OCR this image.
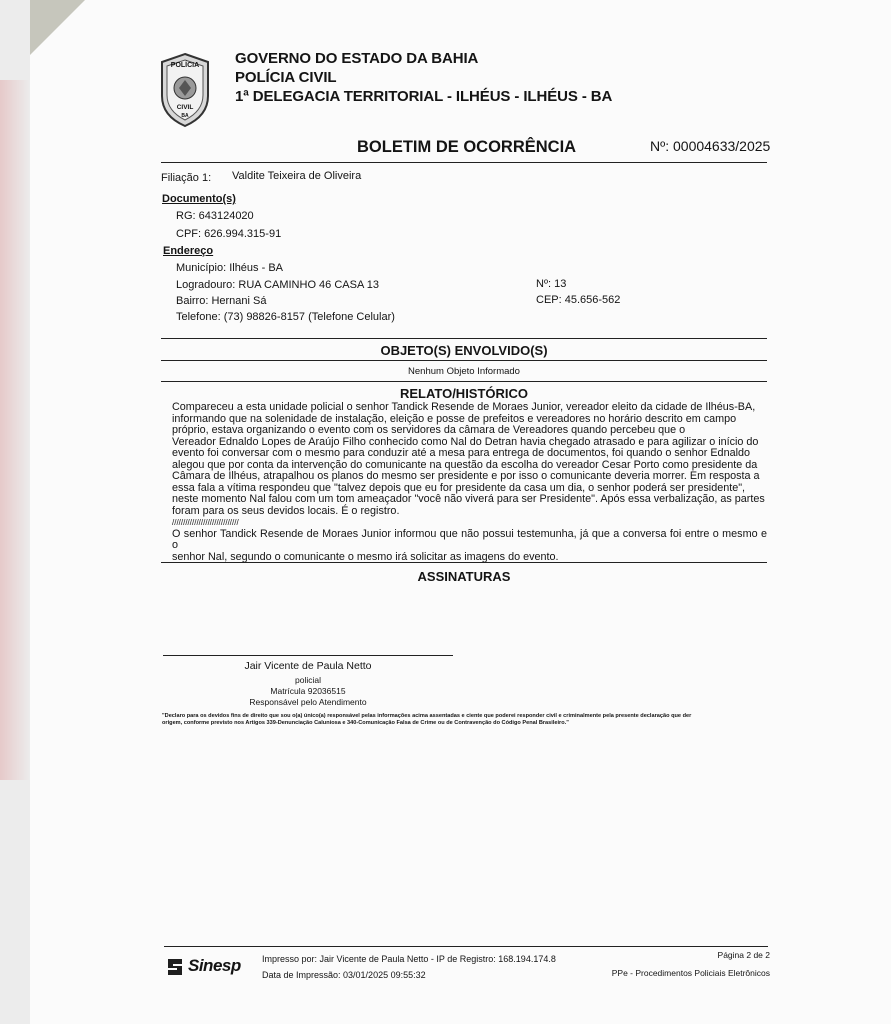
POLÍCIA
CIVIL
BA
GOVERNO DO ESTADO DA BAHIA
POLÍCIA CIVIL
1ª DELEGACIA TERRITORIAL - ILHÉUS - ILHÉUS - BA
BOLETIM DE OCORRÊNCIA	Nº: 00004633/2025
Filiação 1: Valdite Teixeira de Oliveira
Documento(s)
RG: 643124020
CPF: 626.994.315-91
Endereço
Município: Ilhéus - BA
Logradouro: RUA CAMINHO 46 CASA 13	Nº: 13
Bairro: Hernani Sá	CEP: 45.656-562
Telefone: (73) 98826-8157 (Telefone Celular)
OBJETO(S) ENVOLVIDO(S)
Nenhum Objeto Informado
RELATO/HISTÓRICO
Compareceu a esta unidade policial o senhor Tandick Resende de Moraes Junior, vereador eleito da cidade de Ilhéus-BA,
informando que na solenidade de instalação, eleição e posse de prefeitos e vereadores no horário descrito em campo
próprio, estava organizando o evento com os servidores da câmara de Vereadores quando percebeu que o
Vereador Ednaldo Lopes de Araújo Filho conhecido como Nal do Detran havia chegado atrasado e para agilizar o início do
evento foi conversar com o mesmo para conduzir até a mesa para entrega de documentos, foi quando o senhor Ednaldo
alegou que por conta da intervenção do comunicante na questão da escolha do vereador Cesar Porto como presidente da
Câmara de Ilhéus, atrapalhou os planos do mesmo ser presidente e por isso o comunicante deveria morrer. Em resposta a
essa fala a vítima respondeu que "talvez depois que eu for presidente da casa um dia, o senhor poderá ser presidente",
neste momento Nal falou com um tom ameaçador "você não viverá para ser Presidente". Após essa verbalização, as partes
foram para os seus devidos locais. É o registro.
//////////////////////////////
O senhor Tandick Resende de Moraes Junior informou que não possui testemunha, já que a conversa foi entre o mesmo e o
senhor Nal, segundo o comunicante o mesmo irá solicitar as imagens do evento.
ASSINATURAS
Jair Vicente de Paula Netto
policial
Matrícula 92036515
Responsável pelo Atendimento
"Declaro para os devidos fins de direito que sou o(a) único(a) responsável pelas informações acima assentadas e ciente que poderei responder civil e criminalmente pela presente declaração que der
origem, conforme previsto nos Artigos 339-Denunciação Caluniosa e 340-Comunicação Falsa de Crime ou de Contravenção do Código Penal Brasileiro."
Sinesp Impresso por: Jair Vicente de Paula Netto - IP de Registro: 168.194.174.8
Data de Impressão: 03/01/2025 09:55:32
Página 2 de 2
PPe - Procedimentos Policiais Eletrônicos
